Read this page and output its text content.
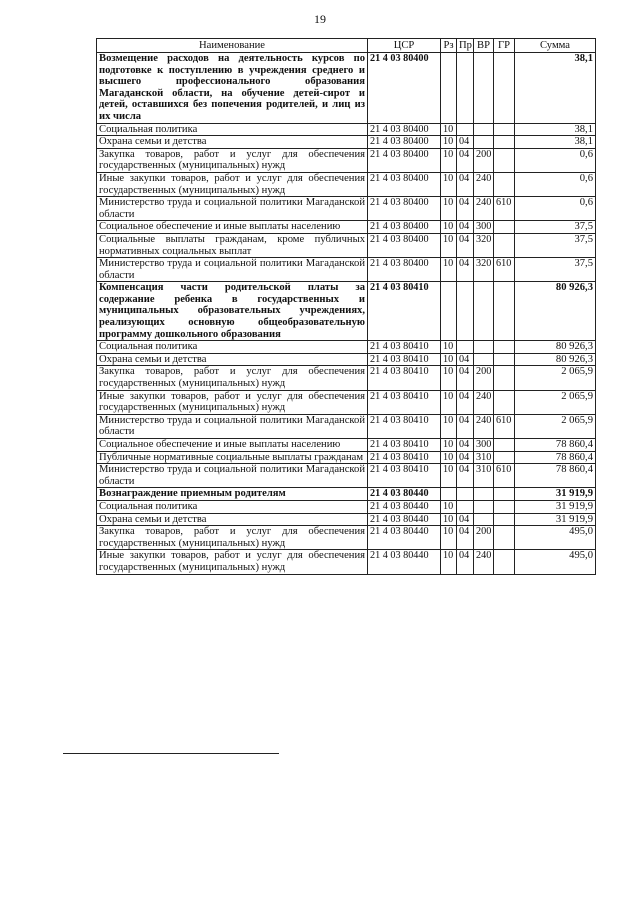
19
Наименование	ЦСР	Рз	Пр	ВР	ГР	Сумма
Возмещение расходов на деятельность курсов по подготовке к поступлению в учреждения среднего и высшего профессионального образования Магаданской области, на обучение детей-сирот и детей, оставшихся без попечения родителей, и лиц из их числа	21 4 03 80400					38,1
Социальная политика	21 4 03 80400	10				38,1
Охрана семьи и детства	21 4 03 80400	10	04			38,1
Закупка товаров, работ и услуг для обеспечения государственных (муниципальных) нужд	21 4 03 80400	10	04	200		0,6
Иные закупки товаров, работ и услуг для обеспечения государственных (муниципальных) нужд	21 4 03 80400	10	04	240		0,6
Министерство труда и социальной политики Магаданской области	21 4 03 80400	10	04	240	610	0,6
Социальное обеспечение и иные выплаты населению	21 4 03 80400	10	04	300		37,5
Социальные выплаты гражданам, кроме публичных нормативных социальных выплат	21 4 03 80400	10	04	320		37,5
Министерство труда и социальной политики Магаданской области	21 4 03 80400	10	04	320	610	37,5
Компенсация части родительской платы за содержание ребенка в государственных и муниципальных образовательных учреждениях, реализующих основную общеобразовательную программу дошкольного образования	21 4 03 80410					80 926,3
Социальная политика	21 4 03 80410	10				80 926,3
Охрана семьи и детства	21 4 03 80410	10	04			80 926,3
Закупка товаров, работ и услуг для обеспечения государственных (муниципальных) нужд	21 4 03 80410	10	04	200		2 065,9
Иные закупки товаров, работ и услуг для обеспечения государственных (муниципальных) нужд	21 4 03 80410	10	04	240		2 065,9
Министерство труда и социальной политики Магаданской области	21 4 03 80410	10	04	240	610	2 065,9
Социальное обеспечение и иные выплаты населению	21 4 03 80410	10	04	300		78 860,4
Публичные нормативные социальные выплаты гражданам	21 4 03 80410	10	04	310		78 860,4
Министерство труда и социальной политики Магаданской области	21 4 03 80410	10	04	310	610	78 860,4
Вознаграждение приемным родителям	21 4 03 80440					31 919,9
Социальная политика	21 4 03 80440	10				31 919,9
Охрана семьи и детства	21 4 03 80440	10	04			31 919,9
Закупка товаров, работ и услуг для обеспечения государственных (муниципальных) нужд	21 4 03 80440	10	04	200		495,0
Иные закупки товаров, работ и услуг для обеспечения государственных (муниципальных) нужд	21 4 03 80440	10	04	240		495,0
